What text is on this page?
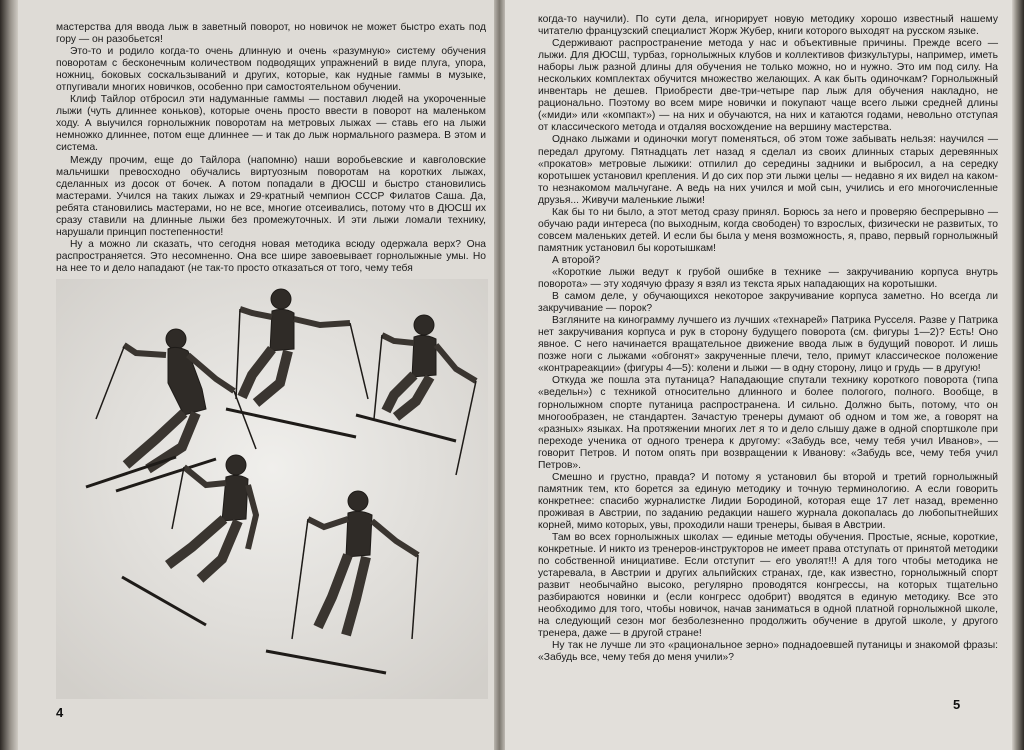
мастерства для ввода лыж в заветный поворот, но новичок не может быстро ехать под гору — он разобьется!

Это-то и родило когда-то очень длинную и очень «разумную» систему обучения поворотам с бесконечным количеством подводящих упражнений в виде плуга, упора, ножниц, боковых соскальзываний и других, которые, как нудные гаммы в музыке, отпугивали многих новичков, особенно при самостоятельном обучении.

Клиф Тайлор отбросил эти надуманные гаммы — поставил людей на укороченные лыжи (чуть длиннее коньков), которые очень просто ввести в поворот на маленьком ходу. А выучился горнолыжник поворотам на метровых лыжах — ставь его на лыжи немножко длиннее, потом еще длиннее — и так до лыж нормального размера. В этом и система.

Между прочим, еще до Тайлора (напомню) наши воробьевские и кавголовские мальчишки превосходно обучались виртуозным поворотам на коротких лыжах, сделанных из досок от бочек. А потом попадали в ДЮСШ и быстро становились мастерами. Учился на таких лыжах и 29-кратный чемпион СССР Филатов Саша. Да, ребята становились мастерами, но не все, многие отсеивались, потому что в ДЮСШ их сразу ставили на длинные лыжи без промежуточных. И эти лыжи ломали технику, нарушали принцип постепенности!

Ну а можно ли сказать, что сегодня новая методика всюду одержала верх? Она распространяется. Это несомненно. Она все шире завоевывает горнолыжные умы. Но на нее то и дело нападают (не так-то просто отказаться от того, чему тебя

4

когда-то научили). По сути дела, игнорирует новую методику хорошо известный нашему читателю французский специалист Жорж Жубер, книги которого выходят на русском языке.

Сдерживают распространение метода у нас и объективные причины. Прежде всего — лыжи. Для ДЮСШ, турбаз, горнолыжных клубов и коллективов физкультуры, например, иметь наборы лыж разной длины для обучения не только можно, но и нужно. Это им под силу. На нескольких комплектах обучится множество желающих. А как быть одиночкам? Горнолыжный инвентарь не дешев. Приобрести две-три-четыре пар лыж для обучения накладно, не рационально. Поэтому во всем мире новички и покупают чаще всего лыжи средней длины («миди» или «компакт») — на них и обучаются, на них и катаются годами, невольно отступая от классического метода и отдаляя восхождение на вершину мастерства.

Однако лыжами и одиночки могут поменяться, об этом тоже забывать нельзя: научился — передал другому. Пятнадцать лет назад я сделал из своих длинных старых деревянных «прокатов» метровые лыжики: отпилил до середины задники и выбросил, а на середку коротышек установил крепления. И до сих пор эти лыжи целы — недавно я их видел на каком-то незнакомом мальчугане. А ведь на них учился и мой сын, учились и его многочисленные друзья... Живучи маленькие лыжи!

Как бы то ни было, а этот метод сразу принял. Борюсь за него и проверяю беспрерывно — обучаю ради интереса (по выходным, когда свободен) то взрослых, физически не развитых, то совсем маленьких детей. И если бы была у меня возможность, я, право, первый горнолыжный памятник установил бы коротышкам!

А второй?

«Короткие лыжи ведут к грубой ошибке в технике — закручиванию корпуса внутрь поворота» — эту ходячую фразу я взял из текста ярых нападающих на коротышки.

В самом деле, у обучающихся некоторое закручивание корпуса заметно. Но всегда ли закручивание — порок?

Взгляните на кинограмму лучшего из лучших «технарей» Патрика Русселя. Разве у Патрика нет закручивания корпуса и рук в сторону будущего поворота (см. фигуры 1—2)? Есть! Оно явное. С него начинается вращательное движение ввода лыж в будущий поворот. И лишь позже ноги с лыжами «обгонят» закрученные плечи, тело, примут классическое положение «контрареакции» (фигуры 4—5): колени и лыжи — в одну сторону, лицо и грудь — в другую!

Откуда же пошла эта путаница? Нападающие спутали технику короткого поворота (типа «ведельн») с техникой относительно длинного и более пологого, полного. Вообще, в горнолыжном спорте путаница распространена. И сильно. Должно быть, потому, что он многообразен, не стандартен. Зачастую тренеры думают об одном и том же, а говорят на «разных» языках. На протяжении многих лет я то и дело слышу даже в одной спортшколе при переходе ученика от одного тренера к другому: «Забудь все, чему тебя учил Иванов», — говорит Петров. И потом опять при возвращении к Иванову: «Забудь все, чему тебя учил Петров».

Смешно и грустно, правда? И потому я установил бы второй и третий горнолыжный памятник тем, кто борется за единую методику и точную терминологию. А если говорить конкретнее: спасибо журналистке Лидии Бородиной, которая еще 17 лет назад, временно проживая в Австрии, по заданию редакции нашего журнала докопалась до любопытнейших корней, мимо которых, увы, проходили наши тренеры, бывая в Австрии.

Там во всех горнолыжных школах — единые методы обучения. Простые, ясные, короткие, конкретные. И никто из тренеров-инструкторов не имеет права отступать от принятой методики по собственной инициативе. Если отступит — его уволят!!! А для того чтобы методика не устаревала, в Австрии и других альпийских странах, где, как известно, горнолыжный спорт развит необычайно высоко, регулярно проводятся конгрессы, на которых тщательно разбираются новинки и (если конгресс одобрит) вводятся в единую методику. Все это необходимо для того, чтобы новичок, начав заниматься в одной платной горнолыжной школе, на следующий сезон мог безболезненно продолжить обучение в другой школе, у другого тренера, даже — в другой стране!

Ну так не лучше ли это «рациональное зерно» поднадоевшей путаницы и знакомой фразы: «Забудь все, чему тебя до меня учили»?

5
